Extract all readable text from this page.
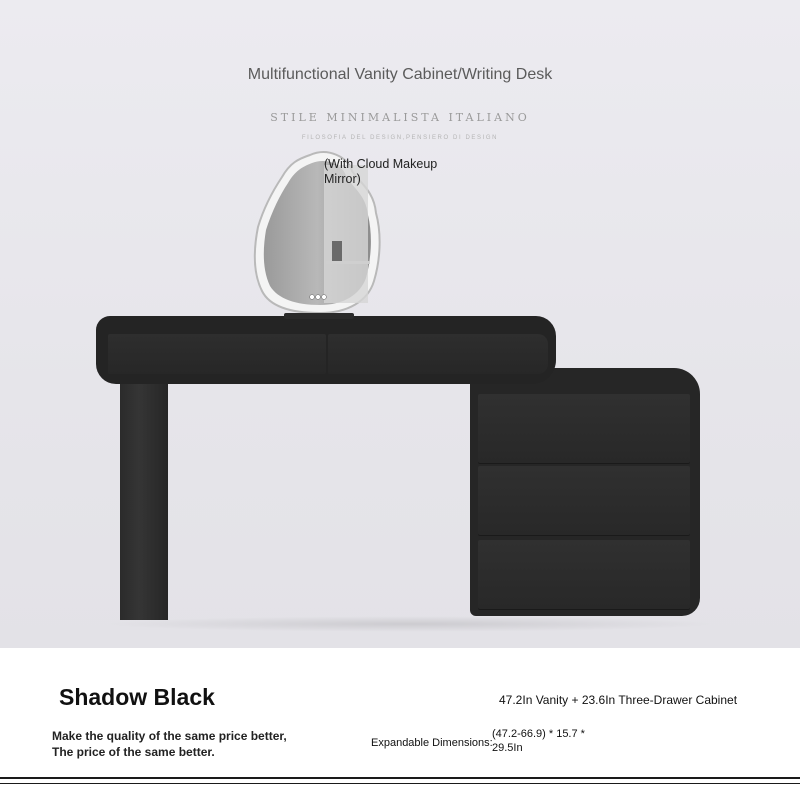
Multifunctional Vanity Cabinet/Writing Desk
STILE MINIMALISTA ITALIANO
FILOSOFIA DEL DESIGN,PENSIERO DI DESIGN
(With Cloud Makeup Mirror)
Shadow Black	47.2In Vanity + 23.6In Three-Drawer Cabinet
Make the quality of the same price better,
The price of the same better.
Expandable Dimensions:
(47.2-66.9) * 15.7 * 29.5In
